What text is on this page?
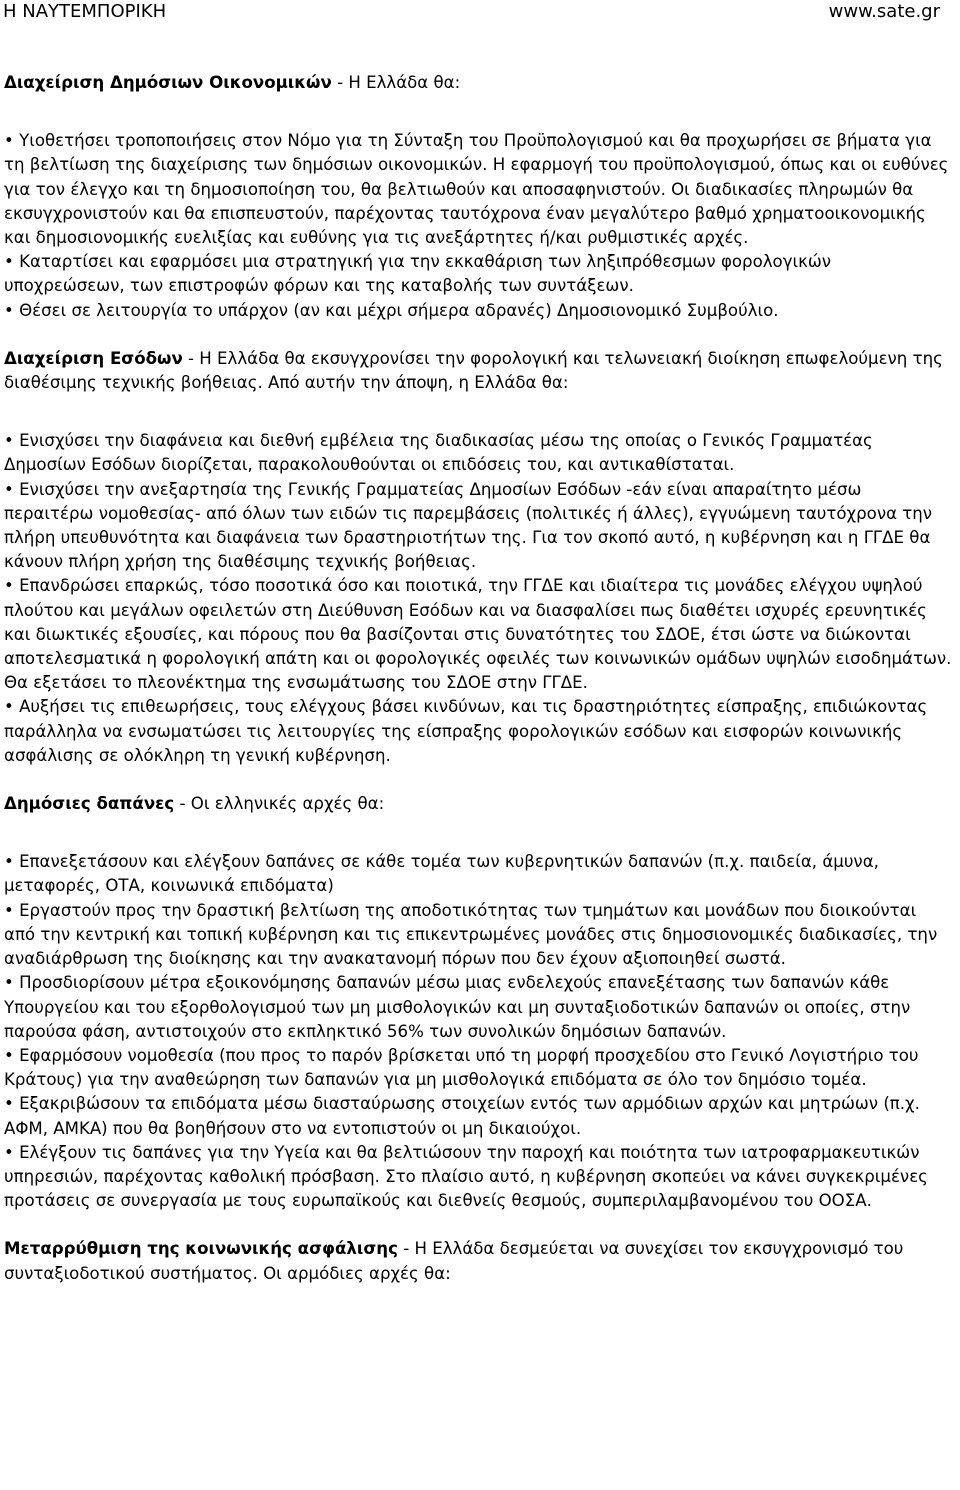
Η ΝΑΥΤΕΜΠΟΡΙΚΗ	www.sate.gr

Διαχείριση Δημόσιων Οικονομικών - Η Ελλάδα θα:

• Υιοθετήσει τροποποιήσεις στον Νόμο για τη Σύνταξη του Προϋπολογισμού και θα προχωρήσει σε βήματα για τη βελτίωση της διαχείρισης των δημόσιων οικονομικών. Η εφαρμογή του προϋπολογισμού, όπως και οι ευθύνες για τον έλεγχο και τη δημοσιοποίηση του, θα βελτιωθούν και αποσαφηνιστούν. Οι διαδικασίες πληρωμών θα εκσυγχρονιστούν και θα επισπευστούν, παρέχοντας ταυτόχρονα έναν μεγαλύτερο βαθμό χρηματοοικονομικής και δημοσιονομικής ευελιξίας και ευθύνης για τις ανεξάρτητες ή/και ρυθμιστικές αρχές.

• Καταρτίσει και εφαρμόσει μια στρατηγική για την εκκαθάριση των ληξιπρόθεσμων φορολογικών υποχρεώσεων, των επιστροφών φόρων και της καταβολής των συντάξεων.

• Θέσει σε λειτουργία το υπάρχον (αν και μέχρι σήμερα αδρανές) Δημοσιονομικό Συμβούλιο.

Διαχείριση Εσόδων - Η Ελλάδα θα εκσυγχρονίσει την φορολογική και τελωνειακή διοίκηση επωφελούμενη της διαθέσιμης τεχνικής βοήθειας. Από αυτήν την άποψη, η Ελλάδα θα:

• Ενισχύσει την διαφάνεια και διεθνή εμβέλεια της διαδικασίας μέσω της οποίας ο Γενικός Γραμματέας Δημοσίων Εσόδων διορίζεται, παρακολουθούνται οι επιδόσεις του, και αντικαθίσταται.

• Ενισχύσει την ανεξαρτησία της Γενικής Γραμματείας Δημοσίων Εσόδων -εάν είναι απαραίτητο μέσω περαιτέρω νομοθεσίας- από όλων των ειδών τις παρεμβάσεις (πολιτικές ή άλλες), εγγυώμενη ταυτόχρονα την πλήρη υπευθυνότητα και διαφάνεια των δραστηριοτήτων της. Για τον σκοπό αυτό, η κυβέρνηση και η ΓΓΔΕ θα κάνουν πλήρη χρήση της διαθέσιμης τεχνικής βοήθειας.

• Επανδρώσει επαρκώς, τόσο ποσοτικά όσο και ποιοτικά, την ΓΓΔΕ και ιδιαίτερα τις μονάδες ελέγχου υψηλού πλούτου και μεγάλων οφειλετών στη Διεύθυνση Εσόδων και να διασφαλίσει πως διαθέτει ισχυρές ερευνητικές και διωκτικές εξουσίες, και πόρους που θα βασίζονται στις δυνατότητες του ΣΔΟΕ, έτσι ώστε να διώκονται αποτελεσματικά η φορολογική απάτη και οι φορολογικές οφειλές των κοινωνικών ομάδων υψηλών εισοδημάτων. Θα εξετάσει το πλεονέκτημα της ενσωμάτωσης του ΣΔΟΕ στην ΓΓΔΕ.

• Αυξήσει τις επιθεωρήσεις, τους ελέγχους βάσει κινδύνων, και τις δραστηριότητες είσπραξης, επιδιώκοντας παράλληλα να ενσωματώσει τις λειτουργίες της είσπραξης φορολογικών εσόδων και εισφορών κοινωνικής ασφάλισης σε ολόκληρη τη γενική κυβέρνηση.

Δημόσιες δαπάνες - Οι ελληνικές αρχές θα:

• Επανεξετάσουν και ελέγξουν δαπάνες σε κάθε τομέα των κυβερνητικών δαπανών (π.χ. παιδεία, άμυνα, μεταφορές, ΟΤΑ, κοινωνικά επιδόματα)

• Εργαστούν προς την δραστική βελτίωση της αποδοτικότητας των τμημάτων και μονάδων που διοικούνται από την κεντρική και τοπική κυβέρνηση και τις επικεντρωμένες μονάδες στις δημοσιονομικές διαδικασίες, την αναδιάρθρωση της διοίκησης και την ανακατανομή πόρων που δεν έχουν αξιοποιηθεί σωστά.

• Προσδιορίσουν μέτρα εξοικονόμησης δαπανών μέσω μιας ενδελεχούς επανεξέτασης των δαπανών κάθε Υπουργείου και του εξορθολογισμού των μη μισθολογικών και μη συνταξιοδοτικών δαπανών οι οποίες, στην παρούσα φάση, αντιστοιχούν στο εκπληκτικό 56% των συνολικών δημόσιων δαπανών.

• Εφαρμόσουν νομοθεσία (που προς το παρόν βρίσκεται υπό τη μορφή προσχεδίου στο Γενικό Λογιστήριο του Κράτους) για την αναθεώρηση των δαπανών για μη μισθολογικά επιδόματα σε όλο τον δημόσιο τομέα.

• Εξακριβώσουν τα επιδόματα μέσω διασταύρωσης στοιχείων εντός των αρμόδιων αρχών και μητρώων (π.χ. ΑΦΜ, ΑΜΚΑ) που θα βοηθήσουν στο να εντοπιστούν οι μη δικαιούχοι.

• Ελέγξουν τις δαπάνες για την Υγεία και θα βελτιώσουν την παροχή και ποιότητα των ιατροφαρμακευτικών υπηρεσιών, παρέχοντας καθολική πρόσβαση. Στο πλαίσιο αυτό, η κυβέρνηση σκοπεύει να κάνει συγκεκριμένες προτάσεις σε συνεργασία με τους ευρωπαϊκούς και διεθνείς θεσμούς, συμπεριλαμβανομένου του ΟΟΣΑ.

Μεταρρύθμιση της κοινωνικής ασφάλισης - Η Ελλάδα δεσμεύεται να συνεχίσει τον εκσυγχρονισμό του συνταξιοδοτικού συστήματος. Οι αρμόδιες αρχές θα:
